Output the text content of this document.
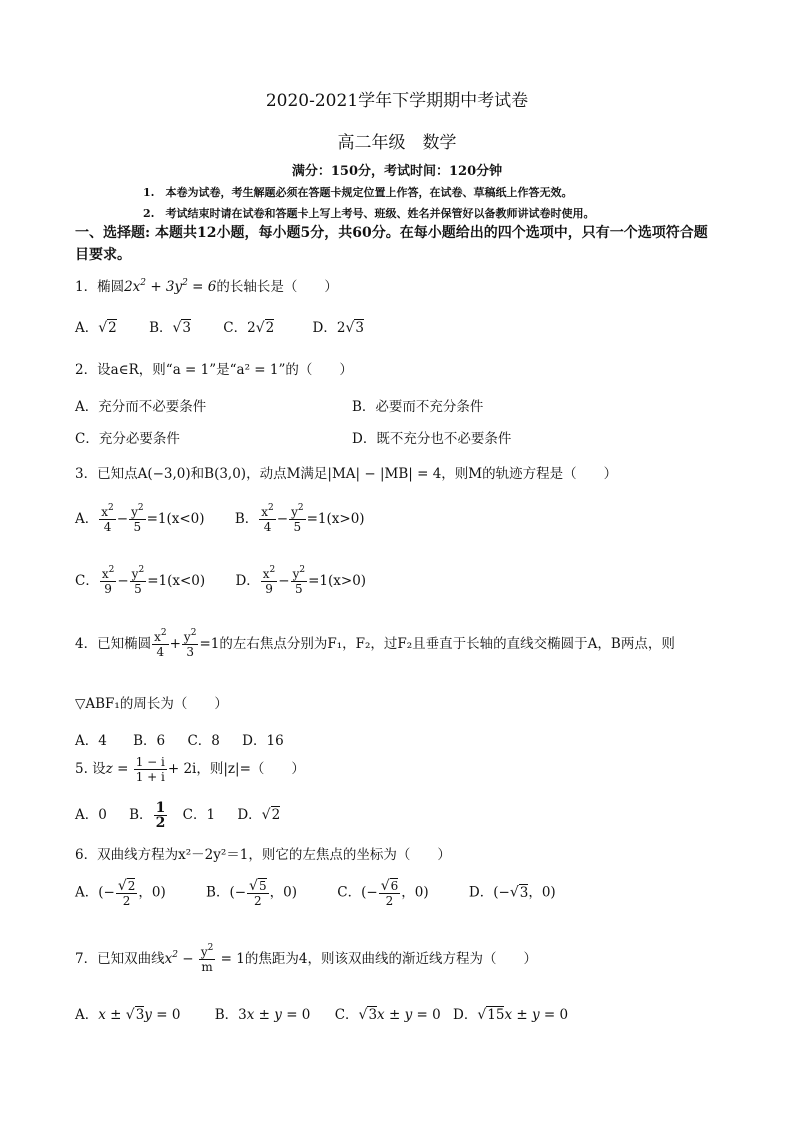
2020-2021学年下学期期中考试卷
高二年级　数学
满分：150分，考试时间：120分钟
1.　本卷为试卷，考生解题必须在答题卡规定位置上作答，在试卷、草稿纸上作答无效。
2.　考试结束时请在试卷和答题卡上写上考号、班级、姓名并保管好以备教师讲试卷时使用。
一、选择题: 本题共12小题，每小题5分，共60分。在每小题给出的四个选项中，只有一个选项符合题
目要求。
1．椭圆$2x^2 + 3y^2 = 6$的长轴长是（　　）
A．√2 B．√3 C．2√2	D．2√3
2．设a∈R，则“a = 1”是“a² = 1”的（　　）
A．充分而不必要条件	B．必要而不充分条件
C．充分必要条件	D．既不充分也不必要条件
3．已知点A(−3,0)和B(3,0)，动点M满足|MA| − |MB| = 4，则M的轨迹方程是（　　）
A． $\frac{x^2}{4} - \frac{y^2}{5} =1(x<0)$ B． $\frac{x^2}{4} - \frac{y^2}{5} =1(x>0)$
C． $\frac{x^2}{9} - \frac{y^2}{5} =1(x<0)$ D． $\frac{x^2}{9} - \frac{y^2}{5} =1(x>0)$
4．已知椭圆 $\frac{x^2}{4} + \frac{y^2}{3} =1$的左右焦点分别为F₁，F₂，过F₂且垂直于长轴的直线交椭圆于A，B两点，则
▽ABF₁的周长为（　　）
A．4 B．6 C．8 D．16
5. 设$z = \frac{1 - i}{1 + i} + 2i$，则|z|=（　　）
A．0 B． $\frac{1}{2}$ C．1 D．√2
6．双曲线方程为x²－2y²＝1，则它的左焦点的坐标为（　　）
A．(− $\frac{√2}{2}$ ，0)	B．(− $\frac{√5}{2}$ ，0)	C．(− $\frac{√6}{2}$ ，0)	D．(−√3，0)
7．已知双曲线$x^2 - \frac{y^2}{m} = 1$的焦距为4，则该双曲线的渐近线方程为（　　）
A．x ± √3y = 0 B．3x ± y = 0 C．√3x ± y = 0 D．√15x ± y = 0
